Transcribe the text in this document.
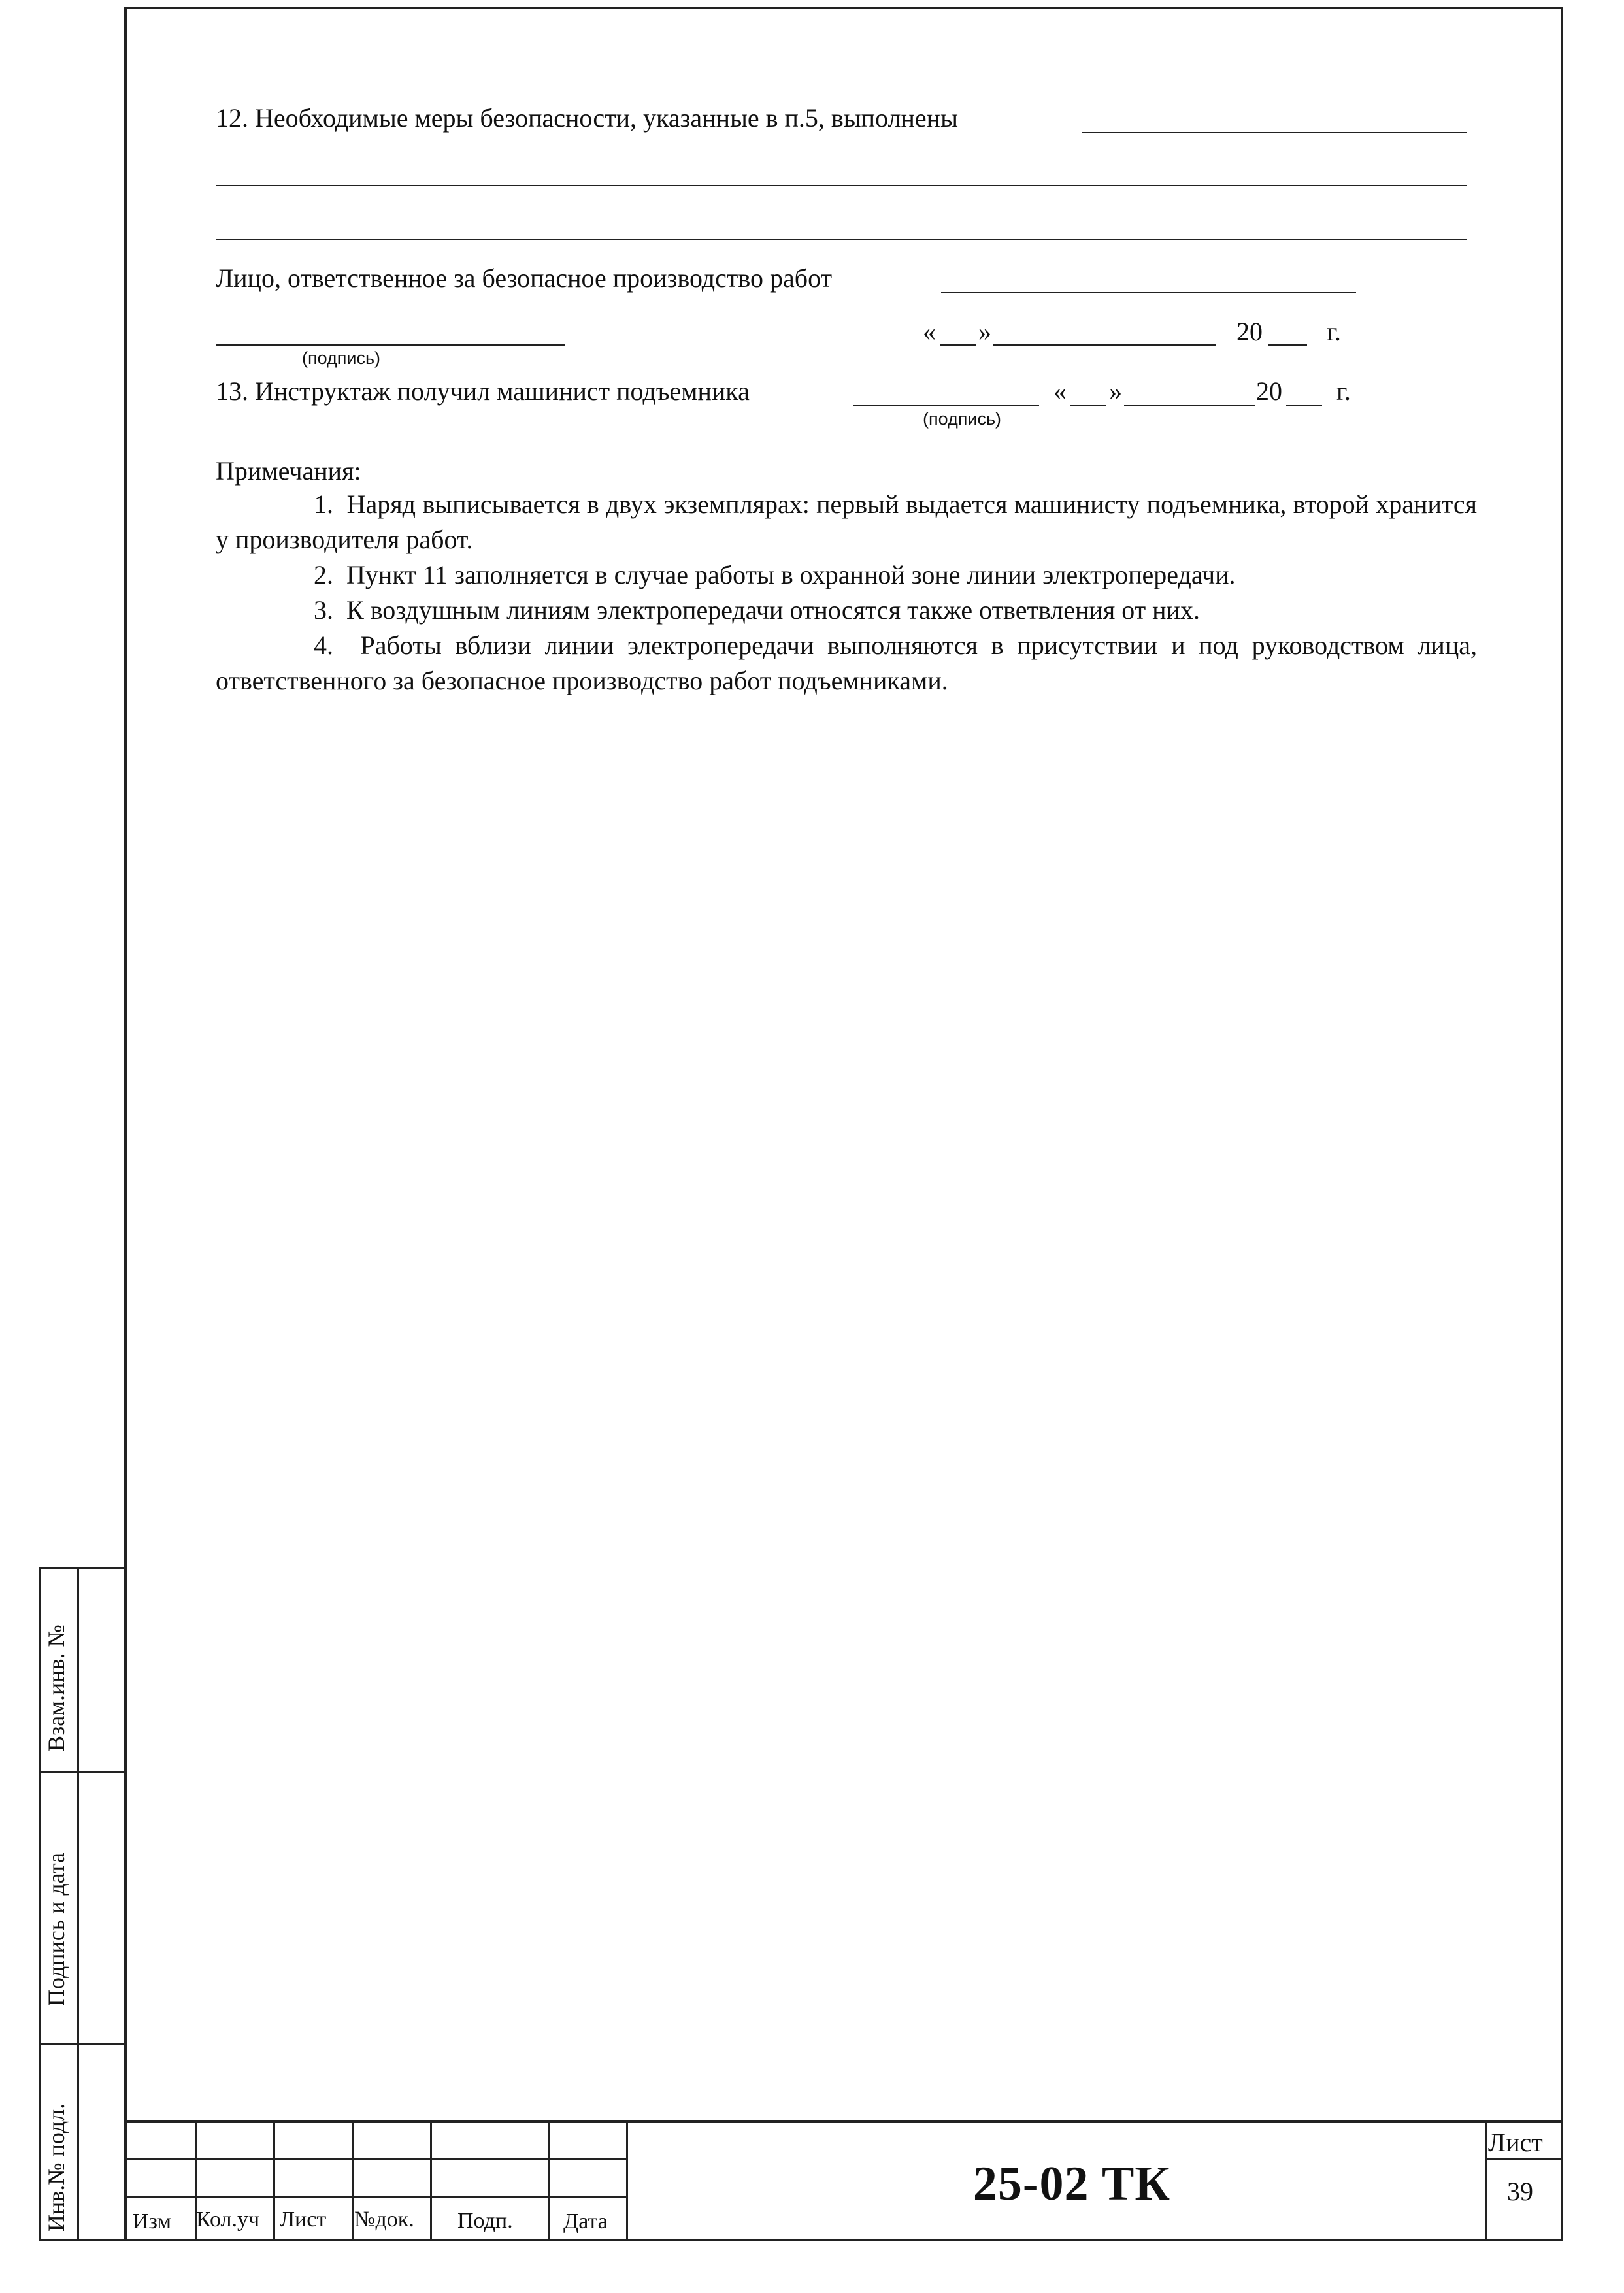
12. Необходимые меры безопасности, указанные в п.5, выполнены
Лицо, ответственное за безопасное производство работ
(подпись)
« »	20 г.
13. Инструктаж получил машинист подъемника
(подпись)
« »	20 г.
Примечания:
1.  Наряд выписывается в двух экземплярах: первый выдается машинисту подъемника, второй хранится у производителя работ.
2.  Пункт 11 заполняется в случае работы в охранной зоне линии электропередачи.
3.  К воздушным линиям электропередачи относятся также ответвления от них.
4.  Работы вблизи линии электропередачи выполняются в присутствии и под руководством лица, ответственного за безопасное производство работ подъемниками.
Взам.инв. №
Подпись и дата
Инв.№ подл.	Изм Кол.уч Лист №док. Подп. Дата
25-02 ТК
Лист
39
